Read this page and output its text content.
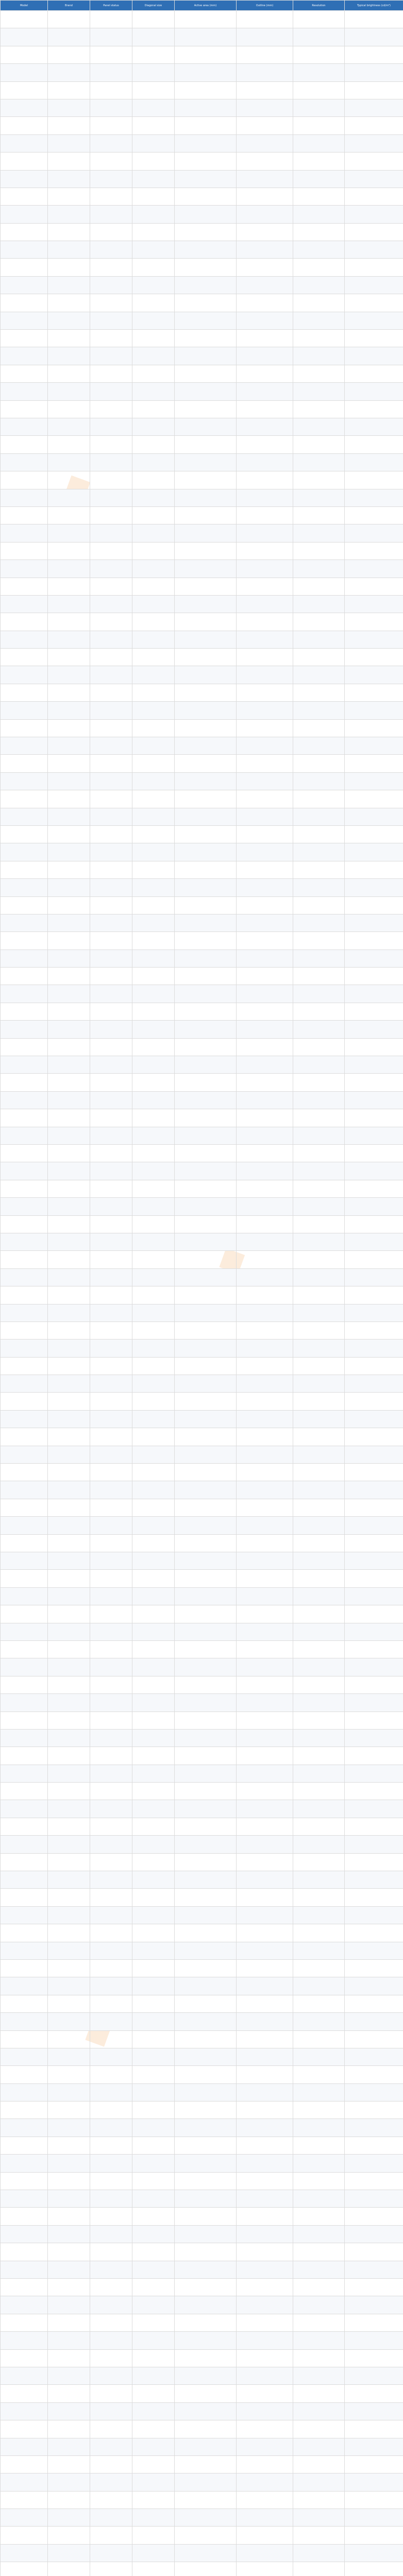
◆
◆
◆
Model	Brand	Panel status	Diagonal size	Active area (mm)	Outline (mm)	Resolution	Typical brightness (cd/m²)
